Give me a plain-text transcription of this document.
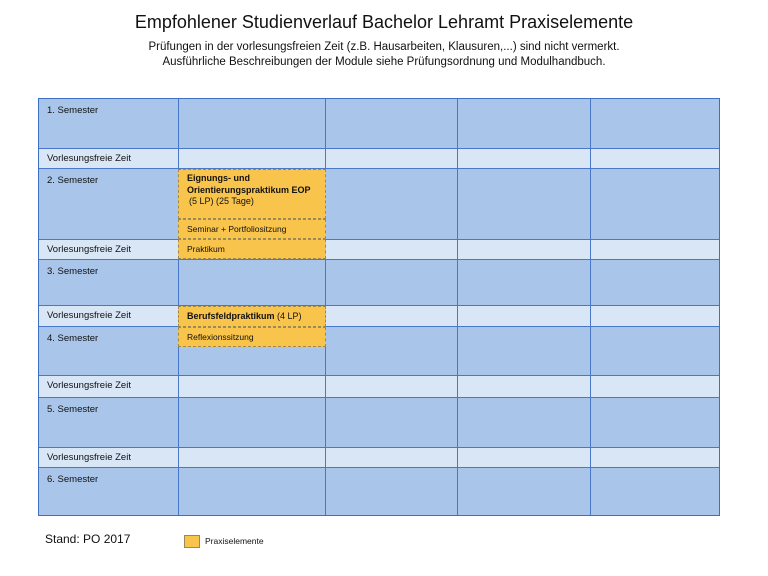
Empfohlener Studienverlauf Bachelor Lehramt Praxiselemente
Prüfungen in der vorlesungsfreien Zeit (z.B. Hausarbeiten, Klausuren,...) sind nicht vermerkt.
Ausführliche Beschreibungen der Module siehe Prüfungsordnung und Modulhandbuch.
1. Semester
Vorlesungsfreie Zeit
2. Semester
Vorlesungsfreie Zeit
3. Semester
Vorlesungsfreie Zeit
4. Semester
Vorlesungsfreie Zeit
5. Semester
Vorlesungsfreie Zeit
6. Semester
Eignungs- und
Orientierungspraktikum EOP
(5 LP) (25 Tage)
Seminar + Portfoliositzung
Praktikum
Berufsfeldpraktikum (4 LP)
Reflexionssitzung
Stand: PO 2017	Praxiselemente
